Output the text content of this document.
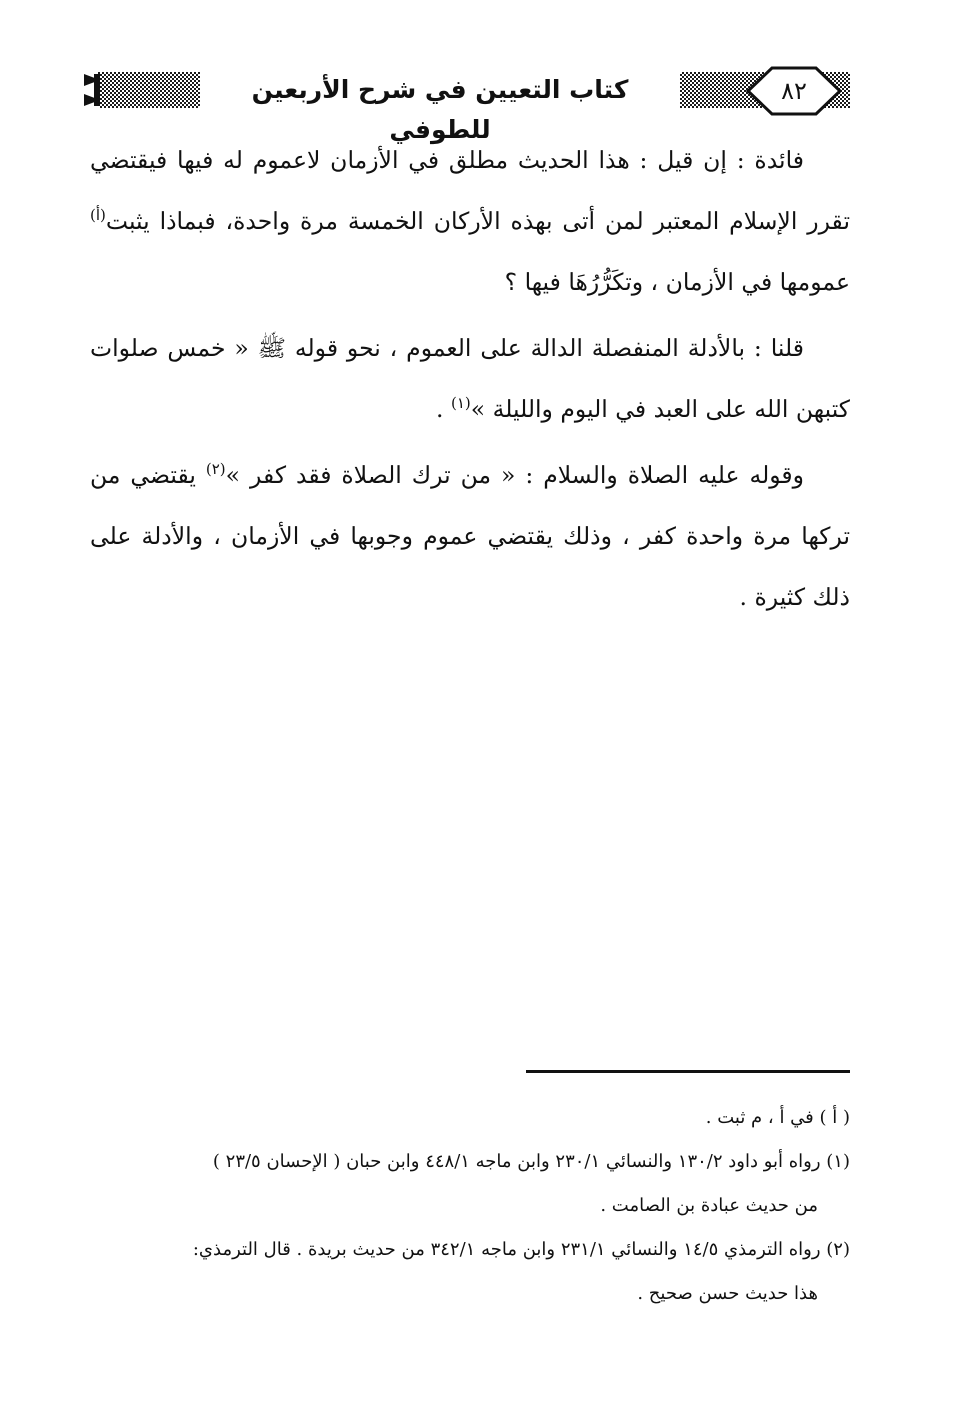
كتاب التعيين في شرح الأربعين للطوفي
٨٢

فائدة : إن قيل : هذا الحديث مطلق في الأزمان لاعموم له فيها فيقتضي تقرر الإسلام المعتبر لمن أتى بهذه الأركان الخمسة مرة واحدة، فبماذا يثبت$^{(أ)}$ عمومها في الأزمان ، وتكَرُّرُهَا فيها ؟

قلنا : بالأدلة المنفصلة الدالة على العموم ، نحو قوله ﷺ « خمس صلوات كتبهن الله على العبد في اليوم والليلة »$^{(١)}$ .

وقوله عليه الصلاة والسلام : « من ترك الصلاة فقد كفر »$^{(٢)}$ يقتضي من تركها مرة واحدة كفر ، وذلك يقتضي عموم وجوبها في الأزمان ، والأدلة على ذلك كثيرة .

( أ ) في أ ، م ثبت .

(١) رواه أبو داود ١٣٠/٢ والنسائي ٢٣٠/١ وابن ماجه ٤٤٨/١ وابن حبان ( الإحسان ٢٣/٥ )

من حديث عبادة بن الصامت .

(٢) رواه الترمذي ١٤/٥ والنسائي ٢٣١/١ وابن ماجه ٣٤٢/١ من حديث بريدة . قال الترمذي:

هذا حديث حسن صحيح .
